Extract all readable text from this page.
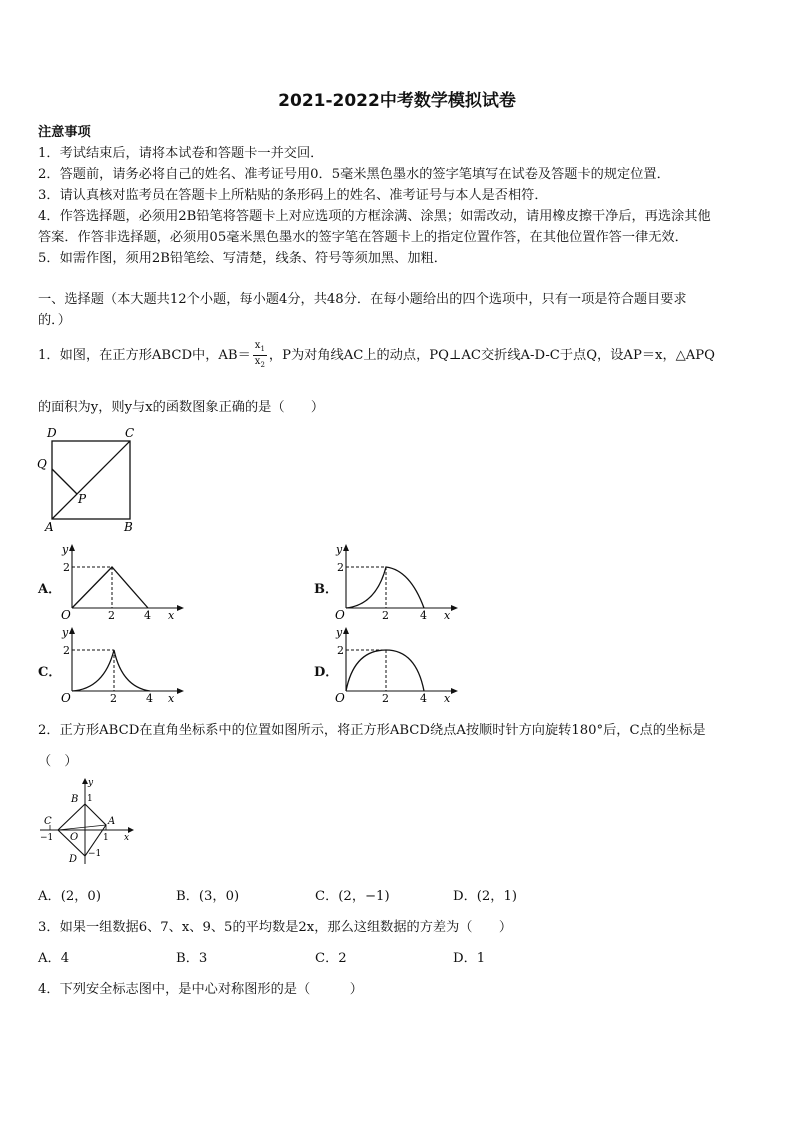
2021-2022中考数学模拟试卷
注意事项
1．考试结束后，请将本试卷和答题卡一并交回．
2．答题前，请务必将自己的姓名、准考证号用0．5毫米黑色墨水的签字笔填写在试卷及答题卡的规定位置．
3．请认真核对监考员在答题卡上所粘贴的条形码上的姓名、准考证号与本人是否相符．
4．作答选择题，必须用2B铅笔将答题卡上对应选项的方框涂满、涂黑；如需改动，请用橡皮擦干净后，再选涂其他
答案．作答非选择题，必须用05毫米黑色墨水的签字笔在答题卡上的指定位置作答，在其他位置作答一律无效．
5．如需作图，须用2B铅笔绘、写清楚，线条、符号等须加黑、加粗．
一、选择题（本大题共12个小题，每小题4分，共48分．在每小题给出的四个选项中，只有一项是符合题目要求
的．）
1．如图，在正方形ABCD中，$AB= \frac{x_1}{x_2}$ ，P为对角线AC上的动点，PQ⊥AC交折线A-D-C于点Q，设AP＝x，△APQ
的面积为y，则y与x的函数图象正确的是（　　）
D	C
Q
P
A	B
A．	B．
C．	D．
y
2
O	2	4 x
y
2
O	2	4 x
y
2
O	2	4 x
y
2
O	2	4 x
2．正方形ABCD在直角坐标系中的位置如图所示，将正方形ABCD绕点A按顺时针方向旋转180°后，C点的坐标是
（　）
y
B 1
C	A
−1 O	1 x
D −1
A．(2，0)	B．(3，0)	C．(2，−1)	D．(2，1)
3．如果一组数据6、7、x、9、5的平均数是2x，那么这组数据的方差为（　　）
A．4	B．3	C．2	D．1
4．下列安全标志图中，是中心对称图形的是（　　　）
